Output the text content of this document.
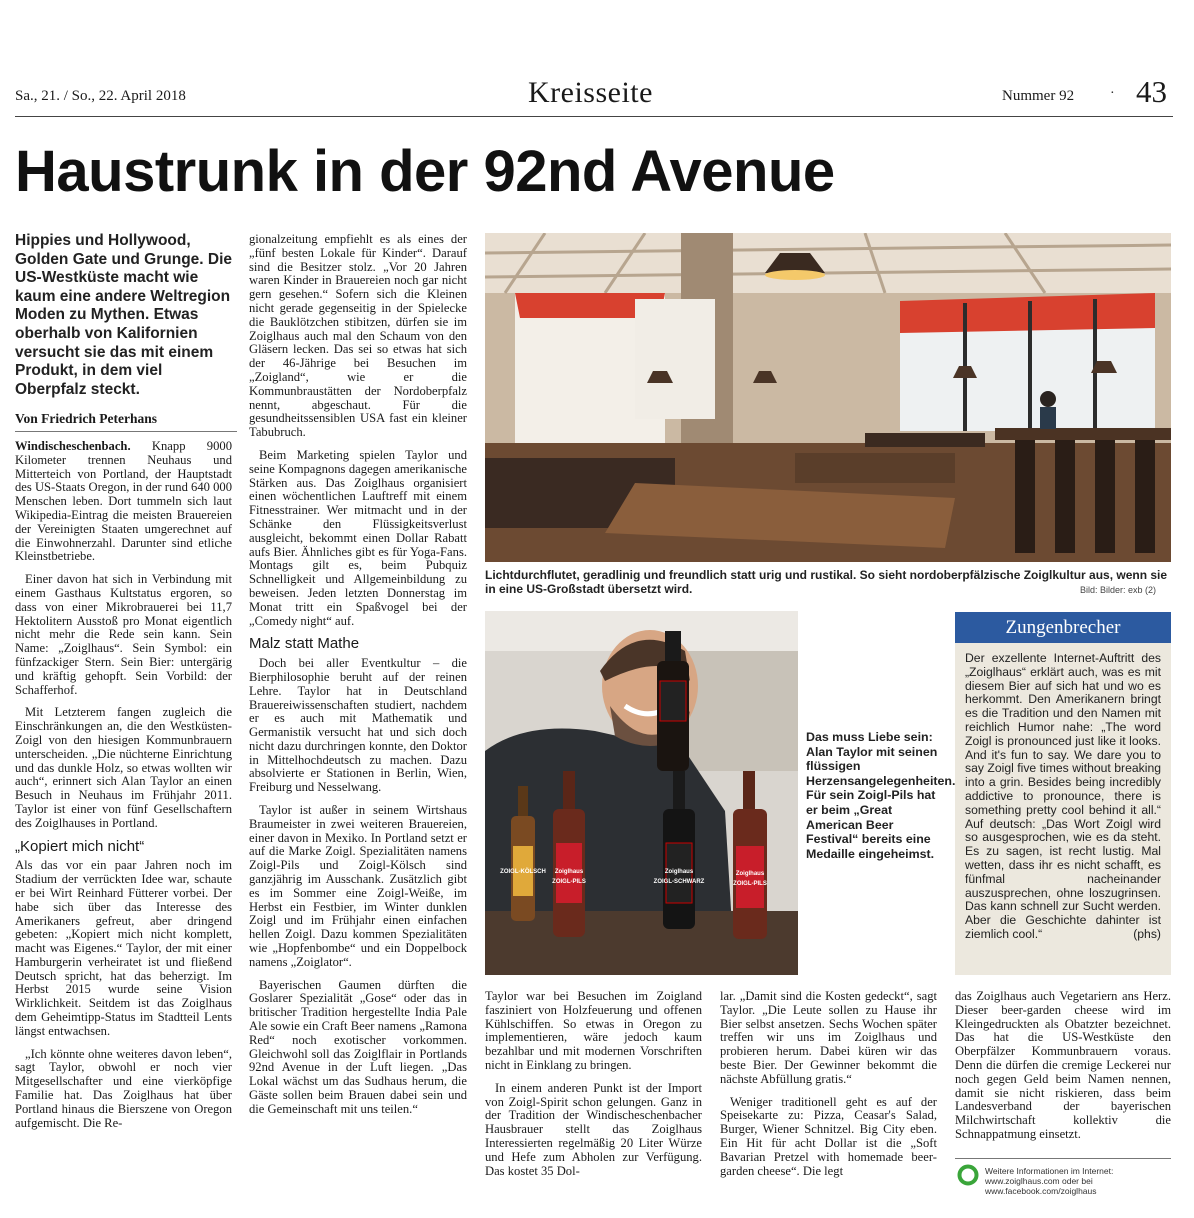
Sa., 21. / So., 22. April 2018	Kreisseite	Nummer 92	· 43
Haustrunk in der 92nd Avenue
Hippies und Hollywood, Golden Gate und Grunge. Die US-Westküste macht wie kaum eine andere Weltregion Moden zu Mythen. Etwas oberhalb von Kalifornien versucht sie das mit einem Produkt, in dem viel Oberpfalz steckt.
Von Friedrich Peterhans

Windischeschenbach. Knapp 9000 Kilometer trennen Neuhaus und Mitterteich von Portland, der Hauptstadt des US-Staats Oregon, in der rund 640 000 Menschen leben. Dort tummeln sich laut Wikipedia-Eintrag die meisten Brauereien der Vereinigten Staaten umgerechnet auf die Einwohnerzahl. Darunter sind etliche Kleinstbetriebe.

Einer davon hat sich in Verbindung mit einem Gasthaus Kultstatus ergoren, so dass von einer Mikrobrauerei bei 11,7 Hektolitern Ausstoß pro Monat eigentlich nicht mehr die Rede sein kann. Sein Name: „Zoiglhaus“. Sein Symbol: ein fünfzackiger Stern. Sein Bier: untergärig und kräftig gehopft. Sein Vorbild: der Schafferhof.

Mit Letzterem fangen zugleich die Einschränkungen an, die den Westküsten-Zoigl von den hiesigen Kommunbrauern unterscheiden. „Die nüchterne Einrichtung und das dunkle Holz, so etwas wollten wir auch“, erinnert sich Alan Taylor an einen Besuch in Neuhaus im Frühjahr 2011. Taylor ist einer von fünf Gesellschaftern des Zoiglhauses in Portland.

„Kopiert mich nicht“

Als das vor ein paar Jahren noch im Stadium der verrückten Idee war, schaute er bei Wirt Reinhard Fütterer vorbei. Der habe sich über das Interesse des Amerikaners gefreut, aber dringend gebeten: „Kopiert mich nicht komplett, macht was Eigenes.“ Taylor, der mit einer Hamburgerin verheiratet ist und fließend Deutsch spricht, hat das beherzigt. Im Herbst 2015 wurde seine Vision Wirklichkeit. Seitdem ist das Zoiglhaus dem Geheimtipp-Status im Stadtteil Lents längst entwachsen.

„Ich könnte ohne weiteres davon leben“, sagt Taylor, obwohl er noch vier Mitgesellschafter und eine vierköpfige Familie hat. Das Zoiglhaus hat über Portland hinaus die Bierszene von Oregon aufgemischt. Die Re-

gionalzeitung empfiehlt es als eines der „fünf besten Lokale für Kinder“. Darauf sind die Besitzer stolz. „Vor 20 Jahren waren Kinder in Brauereien noch gar nicht gern gesehen.“ Sofern sich die Kleinen nicht gerade gegenseitig in der Spielecke die Bauklötzchen stibitzen, dürfen sie im Zoiglhaus auch mal den Schaum von den Gläsern lecken. Das sei so etwas hat sich der 46-Jährige bei Besuchen im „Zoigland“, wie er die Kommunbraustätten der Nordoberpfalz nennt, abgeschaut. Für die gesundheitssensiblen USA fast ein kleiner Tabubruch.

Beim Marketing spielen Taylor und seine Kompagnons dagegen amerikanische Stärken aus. Das Zoiglhaus organisiert einen wöchentlichen Lauftreff mit einem Fitnesstrainer. Wer mitmacht und in der Schänke den Flüssigkeitsverlust ausgleicht, bekommt einen Dollar Rabatt aufs Bier. Ähnliches gibt es für Yoga-Fans. Montags gilt es, beim Pubquiz Schnelligkeit und Allgemeinbildung zu beweisen. Jeden letzten Donnerstag im Monat tritt ein Spaßvogel bei der „Comedy night“ auf.

Malz statt Mathe

Doch bei aller Eventkultur – die Bierphilosophie beruht auf der reinen Lehre. Taylor hat in Deutschland Brauereiwissenschaften studiert, nachdem er es auch mit Mathematik und Germanistik versucht hat und sich doch nicht dazu durchringen konnte, den Doktor in Mittelhochdeutsch zu machen. Dazu absolvierte er Stationen in Berlin, Wien, Freiburg und Nesselwang.

Taylor ist außer in seinem Wirtshaus Braumeister in zwei weiteren Brauereien, einer davon in Mexiko. In Portland setzt er auf die Marke Zoigl. Spezialitäten namens Zoigl-Pils und Zoigl-Kölsch sind ganzjährig im Ausschank. Zusätzlich gibt es im Sommer eine Zoigl-Weiße, im Herbst ein Festbier, im Winter dunklen Zoigl und im Frühjahr einen einfachen hellen Zoigl. Dazu kommen Spezialitäten wie „Hopfenbombe“ und ein Doppelbock namens „Zoiglator“.

Bayerischen Gaumen dürften die Goslarer Spezialität „Gose“ oder das in britischer Tradition hergestellte India Pale Ale sowie ein Craft Beer namens „Ramona Red“ noch exotischer vorkommen. Gleichwohl soll das Zoiglflair in Portlands 92nd Avenue in der Luft liegen. „Das Lokal wächst um das Sudhaus herum, die Gäste sollen beim Brauen dabei sein und die Gemeinschaft mit uns teilen.“

Lichtdurchflutet, geradlinig und freundlich statt urig und rustikal. So sieht nordoberpfälzische Zoiglkultur aus, wenn sie in eine US-Großstadt übersetzt wird.	Bild: Bilder: exb (2)
ZOIGL-KÖLSCH Zoiglhaus
ZOIGL-PILS
Zoiglhaus
ZOIGL-SCHWARZ
Zoiglhaus
ZOIGL-PILS
Das muss Liebe sein: Alan Taylor mit seinen flüssigen Herzensangelegenheiten. Für sein Zoigl-Pils hat er beim „Great American Beer Festival“ bereits eine Medaille eingeheimst.

Taylor war bei Besuchen im Zoigland fasziniert von Holzfeuerung und offenen Kühlschiffen. So etwas in Oregon zu implementieren, wäre jedoch kaum bezahlbar und mit modernen Vorschriften nicht in Einklang zu bringen.

In einem anderen Punkt ist der Import von Zoigl-Spirit schon gelungen. Ganz in der Tradition der Windischeschenbacher Hausbrauer stellt das Zoiglhaus Interessierten regelmäßig 20 Liter Würze und Hefe zum Abholen zur Verfügung. Das kostet 35 Dol-

lar. „Damit sind die Kosten gedeckt“, sagt Taylor. „Die Leute sollen zu Hause ihr Bier selbst ansetzen. Sechs Wochen später treffen wir uns im Zoiglhaus und probieren herum. Dabei küren wir das beste Bier. Der Gewinner bekommt die nächste Abfüllung gratis.“

Weniger traditionell geht es auf der Speisekarte zu: Pizza, Ceasar's Salad, Burger, Wiener Schnitzel. Big City eben. Ein Hit für acht Dollar ist die „Soft Bavarian Pretzel with homemade beer-garden cheese“. Die legt

das Zoiglhaus auch Vegetariern ans Herz. Dieser beer-garden cheese wird im Kleingedruckten als Obatzter bezeichnet. Das hat die US-Westküste den Oberpfälzer Kommunbrauern voraus. Denn die dürfen die cremige Leckerei nur noch gegen Geld beim Namen nennen, damit sie nicht riskieren, dass beim Landesverband der bayerischen Milchwirtschaft kollektiv die Schnappatmung einsetzt.

Zungenbrecher
Der exzellente Internet-Auftritt des „Zoiglhaus“ erklärt auch, was es mit diesem Bier auf sich hat und wo es herkommt. Den Amerikanern bringt es die Tradition und den Namen mit reichlich Humor nahe: „The word Zoigl is pronounced just like it looks. And it's fun to say. We dare you to say Zoigl five times without breaking into a grin. Besides being incredibly addictive to pronounce, there is something pretty cool behind it all.“ Auf deutsch: „Das Wort Zoigl wird so ausgesprochen, wie es da steht. Es zu sagen, ist recht lustig. Mal wetten, dass ihr es nicht schafft, es fünfmal nacheinander auszusprechen, ohne loszugrinsen. Das kann schnell zur Sucht werden. Aber die Geschichte dahinter ist ziemlich cool.“	(phs)
Weitere Informationen im Internet:
www.zoiglhaus.com oder bei
www.facebook.com/zoiglhaus
